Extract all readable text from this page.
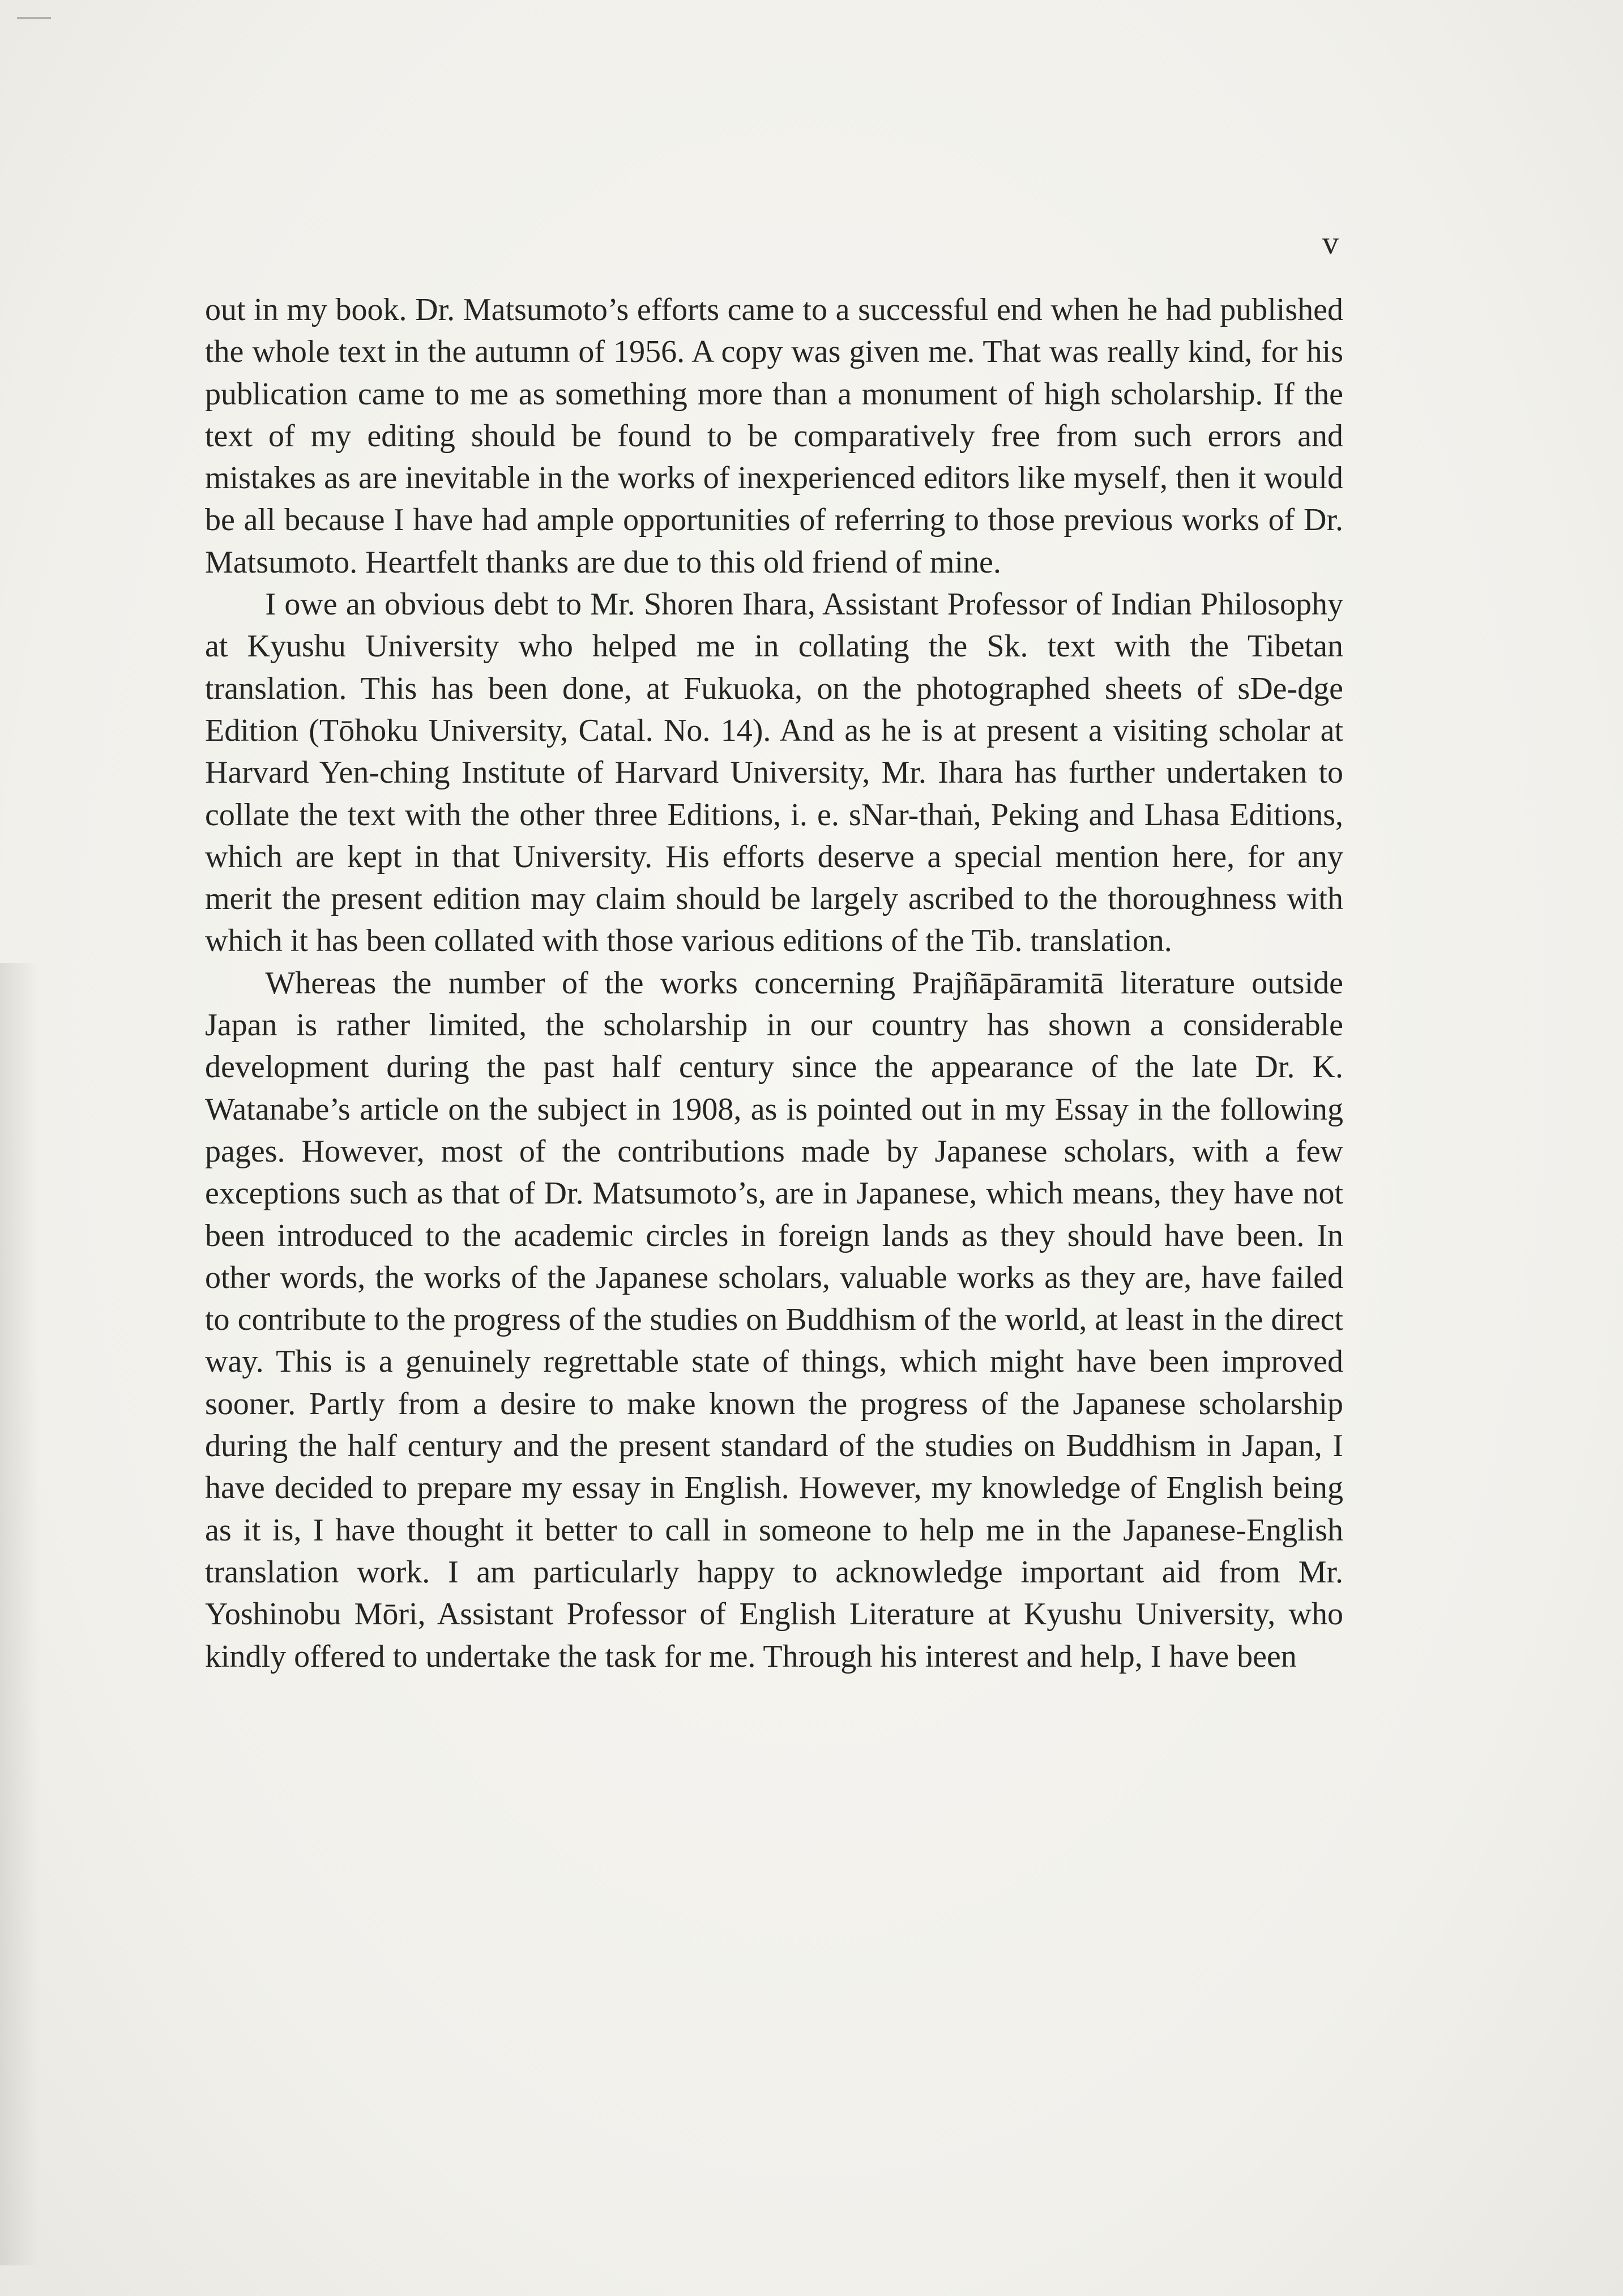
v

out in my book. Dr. Matsumoto’s efforts came to a successful end when he had published the whole text in the autumn of 1956. A copy was given me. That was really kind, for his publication came to me as something more than a monument of high scholarship. If the text of my editing should be found to be comparatively free from such errors and mistakes as are inevitable in the works of inexperienced editors like myself, then it would be all because I have had ample opportunities of referring to those previous works of Dr. Matsumoto. Heartfelt thanks are due to this old friend of mine.

I owe an obvious debt to Mr. Shoren Ihara, Assistant Professor of Indian Philosophy at Kyushu University who helped me in collating the Sk. text with the Tibetan translation. This has been done, at Fukuoka, on the photographed sheets of sDe-dge Edition (Tōhoku University, Catal. No. 14). And as he is at present a visiting scholar at Harvard Yen-ching Institute of Harvard University, Mr. Ihara has further undertaken to collate the text with the other three Editions, i. e. sNar-thaṅ, Peking and Lhasa Editions, which are kept in that University. His efforts deserve a special mention here, for any merit the present edition may claim should be largely ascribed to the thoroughness with which it has been collated with those various editions of the Tib. translation.

Whereas the number of the works concerning Prajñāpāramitā literature outside Japan is rather limited, the scholarship in our country has shown a considerable development during the past half century since the appearance of the late Dr. K. Watanabe’s article on the subject in 1908, as is pointed out in my Essay in the following pages. However, most of the contributions made by Japanese scholars, with a few exceptions such as that of Dr. Matsumoto’s, are in Japanese, which means, they have not been introduced to the academic circles in foreign lands as they should have been. In other words, the works of the Japanese scholars, valuable works as they are, have failed to contribute to the progress of the studies on Buddhism of the world, at least in the direct way. This is a genuinely regrettable state of things, which might have been improved sooner. Partly from a desire to make known the progress of the Japanese scholarship during the half century and the present standard of the studies on Buddhism in Japan, I have decided to prepare my essay in English. However, my knowledge of English being as it is, I have thought it better to call in someone to help me in the Japanese-English translation work. I am particularly happy to acknowledge important aid from Mr. Yoshinobu Mōri, Assistant Professor of English Literature at Kyushu University, who kindly offered to undertake the task for me. Through his interest and help, I have been
